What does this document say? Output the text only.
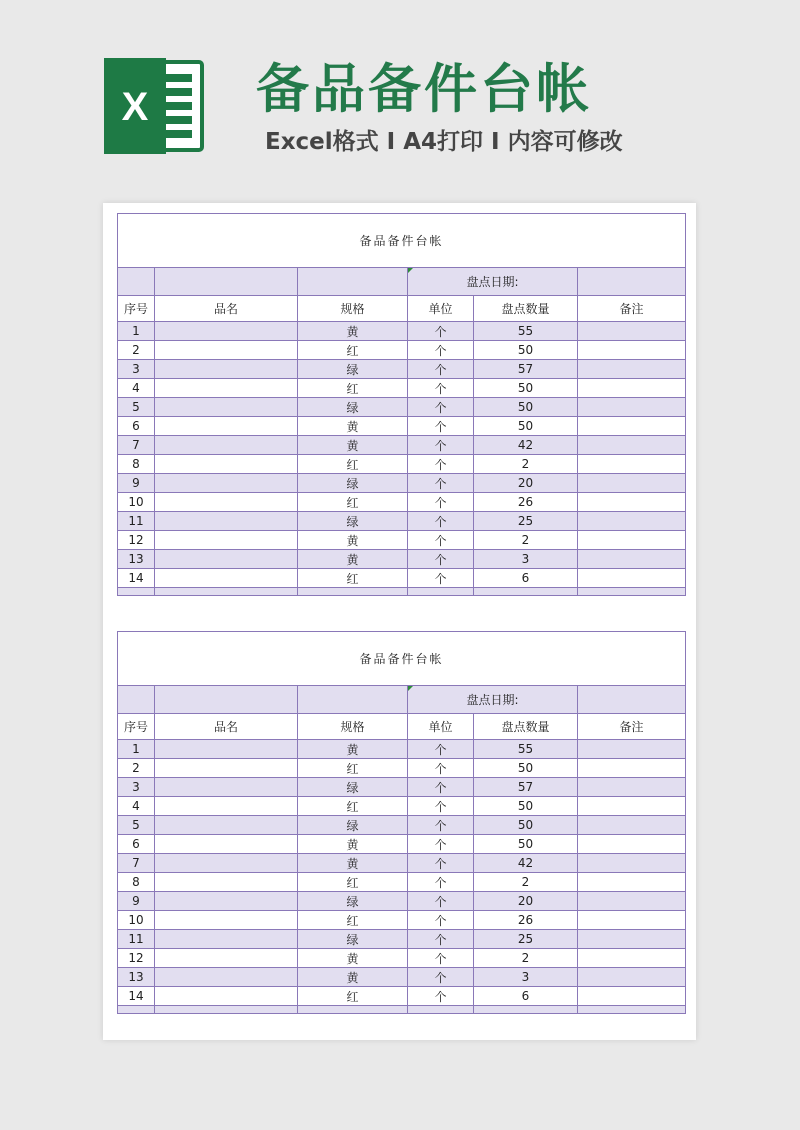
X 备品备件台帐
Excel格式 I A4打印 I 内容可修改
备品备件台帐					
			盘点日期:		
序号	品名	规格	单位	盘点数量	备注
1		黄	个	55	
2		红	个	50	
3		绿	个	57	
4		红	个	50	
5		绿	个	50	
6		黄	个	50	
7		黄	个	42	
8		红	个	2	
9		绿	个	20	
10		红	个	26	
11		绿	个	25	
12		黄	个	2	
13		黄	个	3	
14		红	个	6	

备品备件台帐					
			盘点日期:		
序号	品名	规格	单位	盘点数量	备注
1		黄	个	55	
2		红	个	50	
3		绿	个	57	
4		红	个	50	
5		绿	个	50	
6		黄	个	50	
7		黄	个	42	
8		红	个	2	
9		绿	个	20	
10		红	个	26	
11		绿	个	25	
12		黄	个	2	
13		黄	个	3	
14		红	个	6	
